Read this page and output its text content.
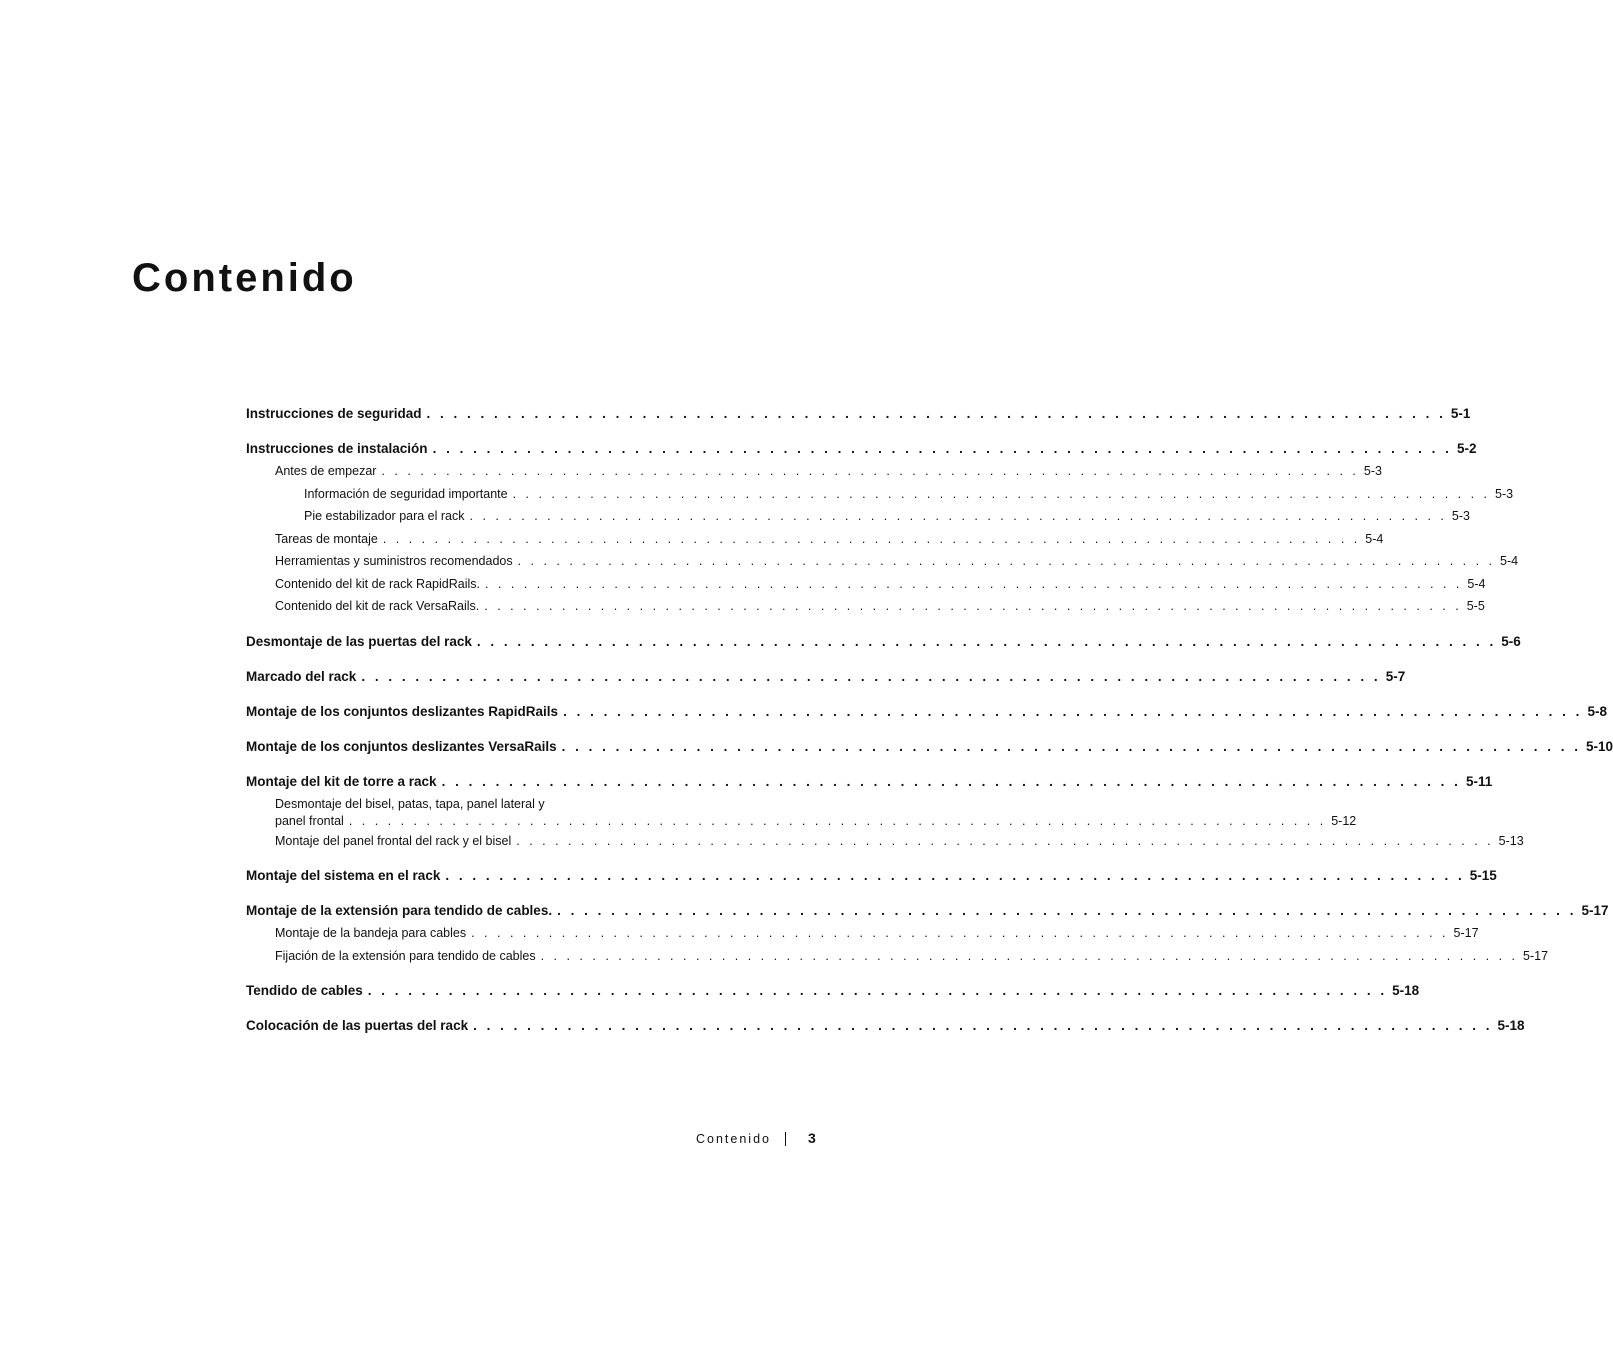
Contenido
Instrucciones de seguridad . . . . . . . . . . . . . . . . . . . . . . . . . . . . . . . . . . . . . . . . . . . . . . . . . . . . . . . . . . . . . . . . . . . . . . . . . . . . 5-1
Instrucciones de instalación . . . . . . . . . . . . . . . . . . . . . . . . . . . . . . . . . . . . . . . . . . . . . . . . . . . . . . . . . . . . . . . . . . . . . . . . . . . . 5-2
Antes de empezar . . . . . . . . . . . . . . . . . . . . . . . . . . . . . . . . . . . . . . . . . . . . . . . . . . . . . . . . . . . . . . . . . . . . . . . . . . . . 5-3
Información de seguridad importante . . . . . . . . . . . . . . . . . . . . . . . . . . . . . . . . . . . . . . . . . . . . . . . . . . . . . . . . . . . . . . . . . . . . . . . . . . . . 5-3
Pie estabilizador para el rack . . . . . . . . . . . . . . . . . . . . . . . . . . . . . . . . . . . . . . . . . . . . . . . . . . . . . . . . . . . . . . . . . . . . . . . . . . . . 5-3
Tareas de montaje . . . . . . . . . . . . . . . . . . . . . . . . . . . . . . . . . . . . . . . . . . . . . . . . . . . . . . . . . . . . . . . . . . . . . . . . . . . . 5-4
Herramientas y suministros recomendados . . . . . . . . . . . . . . . . . . . . . . . . . . . . . . . . . . . . . . . . . . . . . . . . . . . . . . . . . . . . . . . . . . . . . . . . . . . . 5-4
Contenido del kit de rack RapidRails. . . . . . . . . . . . . . . . . . . . . . . . . . . . . . . . . . . . . . . . . . . . . . . . . . . . . . . . . . . . . . . . . . . . . . . . . . . . . 5-4
Contenido del kit de rack VersaRails. . . . . . . . . . . . . . . . . . . . . . . . . . . . . . . . . . . . . . . . . . . . . . . . . . . . . . . . . . . . . . . . . . . . . . . . . . . . . 5-5
Desmontaje de las puertas del rack . . . . . . . . . . . . . . . . . . . . . . . . . . . . . . . . . . . . . . . . . . . . . . . . . . . . . . . . . . . . . . . . . . . . . . . . . . . . 5-6
Marcado del rack . . . . . . . . . . . . . . . . . . . . . . . . . . . . . . . . . . . . . . . . . . . . . . . . . . . . . . . . . . . . . . . . . . . . . . . . . . . . 5-7
Montaje de los conjuntos deslizantes RapidRails . . . . . . . . . . . . . . . . . . . . . . . . . . . . . . . . . . . . . . . . . . . . . . . . . . . . . . . . . . . . . . . . . . . . . . . . . . . . 5-8
Montaje de los conjuntos deslizantes VersaRails . . . . . . . . . . . . . . . . . . . . . . . . . . . . . . . . . . . . . . . . . . . . . . . . . . . . . . . . . . . . . . . . . . . . . . . . . . . . 5-10
Montaje del kit de torre a rack . . . . . . . . . . . . . . . . . . . . . . . . . . . . . . . . . . . . . . . . . . . . . . . . . . . . . . . . . . . . . . . . . . . . . . . . . . . . 5-11
Desmontaje del bisel, patas, tapa, panel lateral y
panel frontal . . . . . . . . . . . . . . . . . . . . . . . . . . . . . . . . . . . . . . . . . . . . . . . . . . . . . . . . . . . . . . . . . . . . . . . . . . . . 5-12
Montaje del panel frontal del rack y el bisel . . . . . . . . . . . . . . . . . . . . . . . . . . . . . . . . . . . . . . . . . . . . . . . . . . . . . . . . . . . . . . . . . . . . . . . . . . . . 5-13
Montaje del sistema en el rack . . . . . . . . . . . . . . . . . . . . . . . . . . . . . . . . . . . . . . . . . . . . . . . . . . . . . . . . . . . . . . . . . . . . . . . . . . . . 5-15
Montaje de la extensión para tendido de cables. . . . . . . . . . . . . . . . . . . . . . . . . . . . . . . . . . . . . . . . . . . . . . . . . . . . . . . . . . . . . . . . . . . . . . . . . . . . . 5-17
Montaje de la bandeja para cables . . . . . . . . . . . . . . . . . . . . . . . . . . . . . . . . . . . . . . . . . . . . . . . . . . . . . . . . . . . . . . . . . . . . . . . . . . . . 5-17
Fijación de la extensión para tendido de cables . . . . . . . . . . . . . . . . . . . . . . . . . . . . . . . . . . . . . . . . . . . . . . . . . . . . . . . . . . . . . . . . . . . . . . . . . . . . 5-17
Tendido de cables . . . . . . . . . . . . . . . . . . . . . . . . . . . . . . . . . . . . . . . . . . . . . . . . . . . . . . . . . . . . . . . . . . . . . . . . . . . . 5-18
Colocación de las puertas del rack . . . . . . . . . . . . . . . . . . . . . . . . . . . . . . . . . . . . . . . . . . . . . . . . . . . . . . . . . . . . . . . . . . . . . . . . . . . . 5-18
Contenido	3
